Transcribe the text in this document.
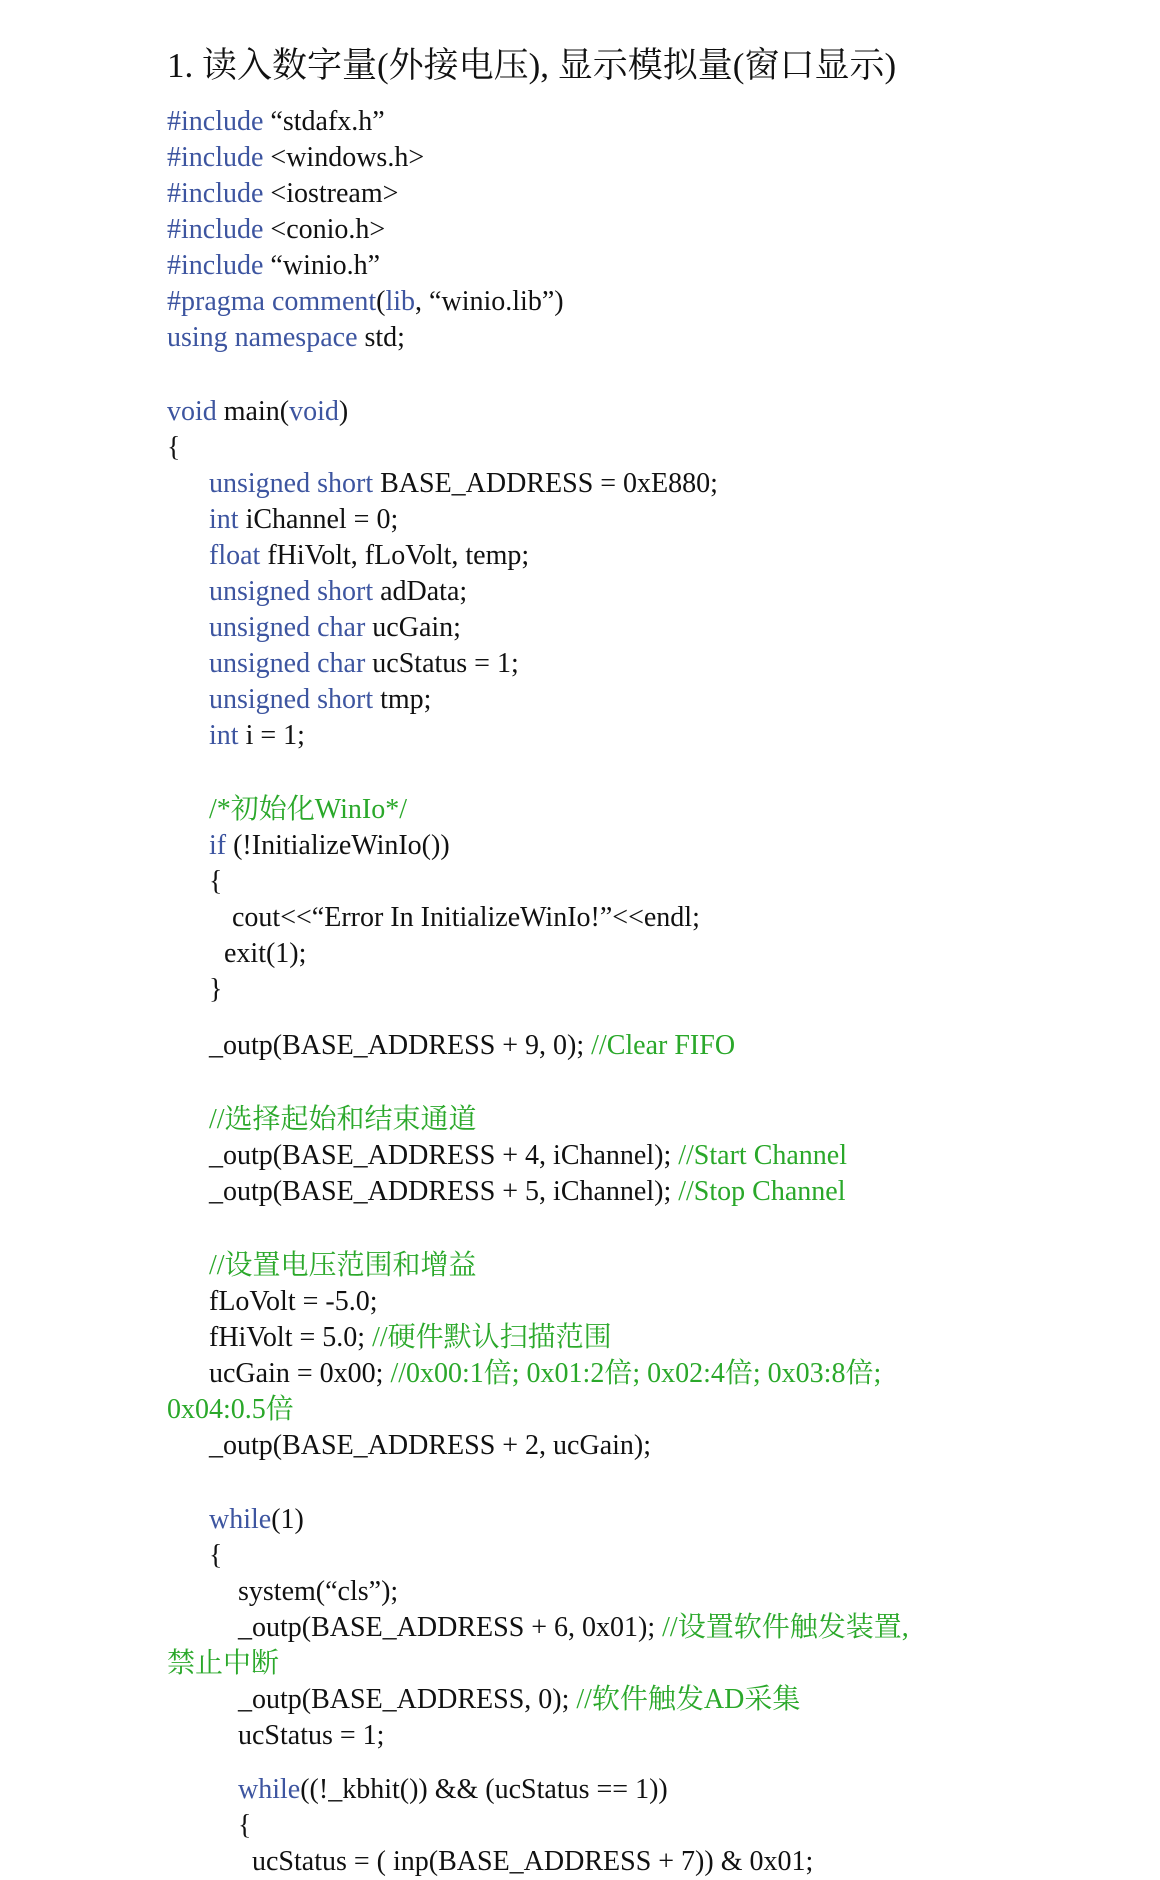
1. 读入数字量(外接电压), 显示模拟量(窗口显示)
#include “stdafx.h”
#include <windows.h>
#include <iostream>
#include <conio.h>
#include “winio.h”
#pragma comment(lib, “winio.lib”)
using namespace std;
void main(void)
{
unsigned short BASE_ADDRESS = 0xE880;
int iChannel = 0;
float fHiVolt, fLoVolt, temp;
unsigned short adData;
unsigned char ucGain;
unsigned char ucStatus = 1;
unsigned short tmp;
int i = 1;
/*初始化WinIo*/
if (!InitializeWinIo())
{
cout<<“Error In InitializeWinIo!”<<endl;
exit(1);
}
_outp(BASE_ADDRESS + 9, 0); //Clear FIFO
//选择起始和结束通道
_outp(BASE_ADDRESS + 4, iChannel); //Start Channel
_outp(BASE_ADDRESS + 5, iChannel); //Stop Channel
//设置电压范围和增益
fLoVolt = -5.0;
fHiVolt = 5.0; //硬件默认扫描范围
ucGain = 0x00; //0x00:1倍; 0x01:2倍; 0x02:4倍; 0x03:8倍;
0x04:0.5倍
_outp(BASE_ADDRESS + 2, ucGain);
while(1)
{
system(“cls”);
_outp(BASE_ADDRESS + 6, 0x01); //设置软件触发装置,
禁止中断
_outp(BASE_ADDRESS, 0); //软件触发AD采集
ucStatus = 1;
while((!_kbhit()) && (ucStatus == 1))
{
ucStatus = ( inp(BASE_ADDRESS + 7)) & 0x01;
